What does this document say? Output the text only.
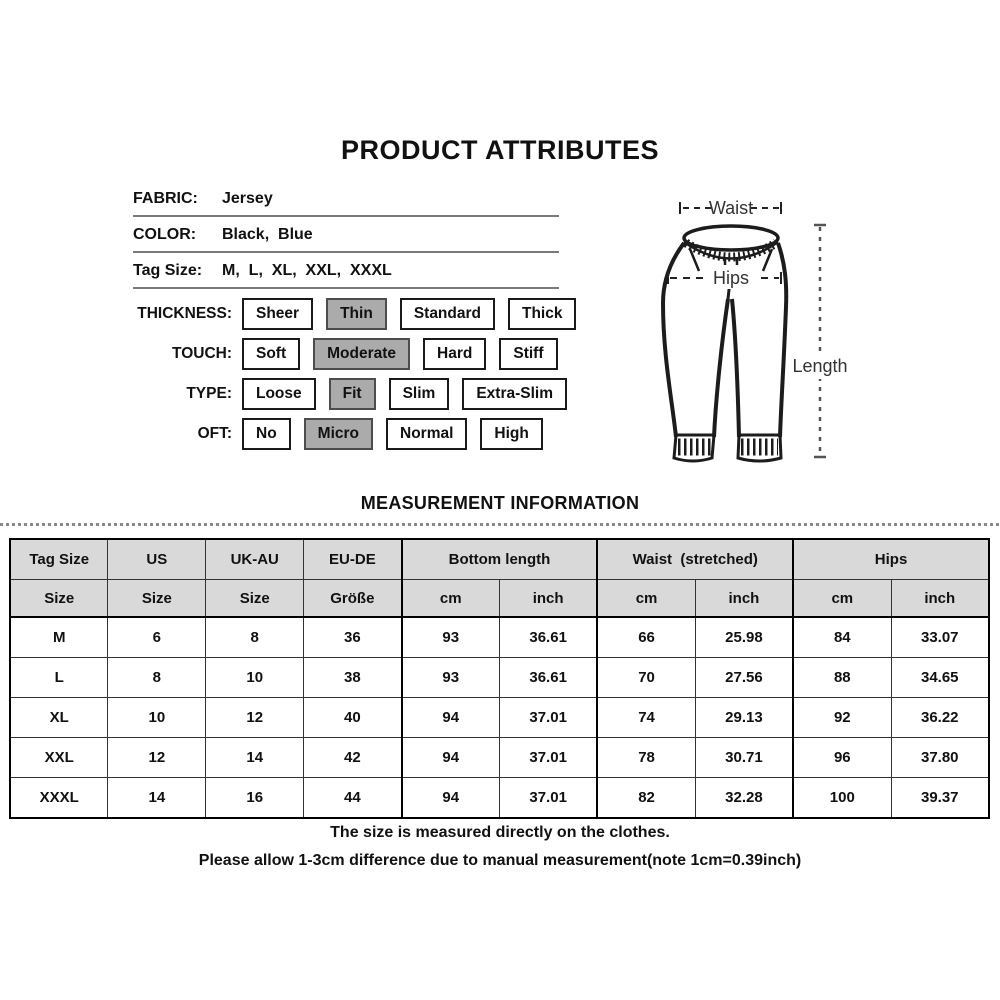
PRODUCT ATTRIBUTES
FABRIC:	Jersey
COLOR:	Black,  Blue
Tag Size:	M,  L,  XL,  XXL,  XXXL
THICKNESS:	Sheer	Thin	Standard	Thick
TOUCH:	Soft	Moderate	Hard	Stiff
TYPE:	Loose	Fit	Slim	Extra-Slim
OFT:	No	Micro	Normal	High
Waist
Hips
Length
MEASUREMENT INFORMATION
Tag Size	US	UK-AU	EU-DE	Bottom length		Waist  (stretched)		Hips	
Size	Size	Size	Größe	cm	inch	cm	inch	cm	inch
M	6	8	36	93	36.61	66	25.98	84	33.07
L	8	10	38	93	36.61	70	27.56	88	34.65
XL	10	12	40	94	37.01	74	29.13	92	36.22
XXL	12	14	42	94	37.01	78	30.71	96	37.80
XXXL	14	16	44	94	37.01	82	32.28	100	39.37
The size is measured directly on the clothes.
Please allow 1-3cm difference due to manual measurement(note 1cm=0.39inch)
